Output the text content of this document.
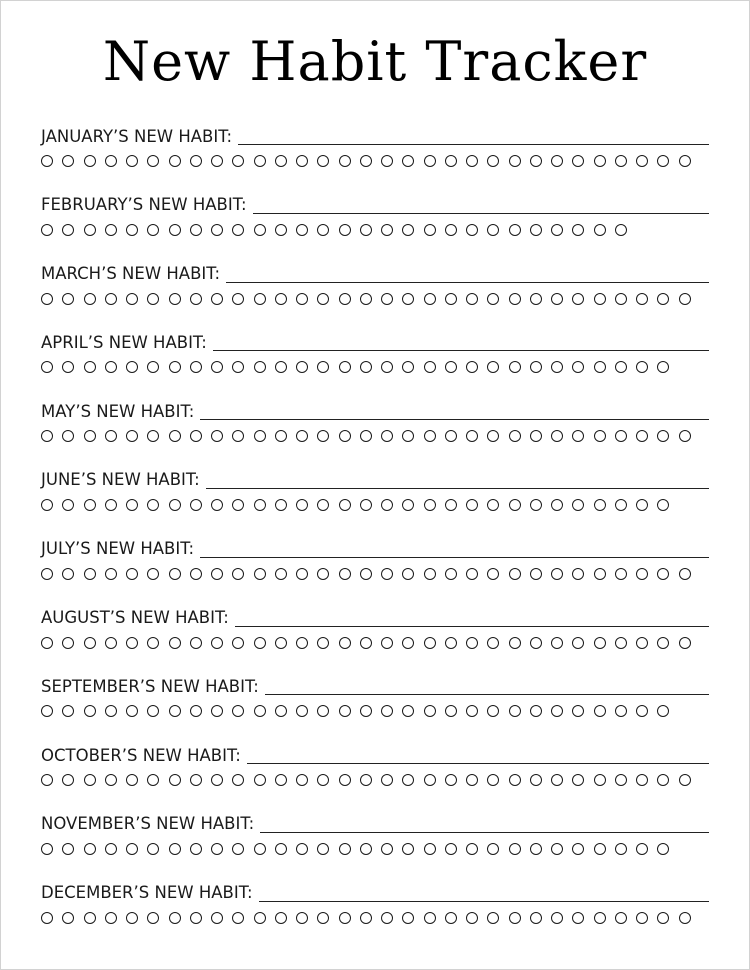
New Habit Tracker
JANUARY’S NEW HABIT:
FEBRUARY’S NEW HABIT:
MARCH’S NEW HABIT:
APRIL’S NEW HABIT:
MAY’S NEW HABIT:
JUNE’S NEW HABIT:
JULY’S NEW HABIT:
AUGUST’S NEW HABIT:
SEPTEMBER’S NEW HABIT:
OCTOBER’S NEW HABIT:
NOVEMBER’S NEW HABIT:
DECEMBER’S NEW HABIT:
